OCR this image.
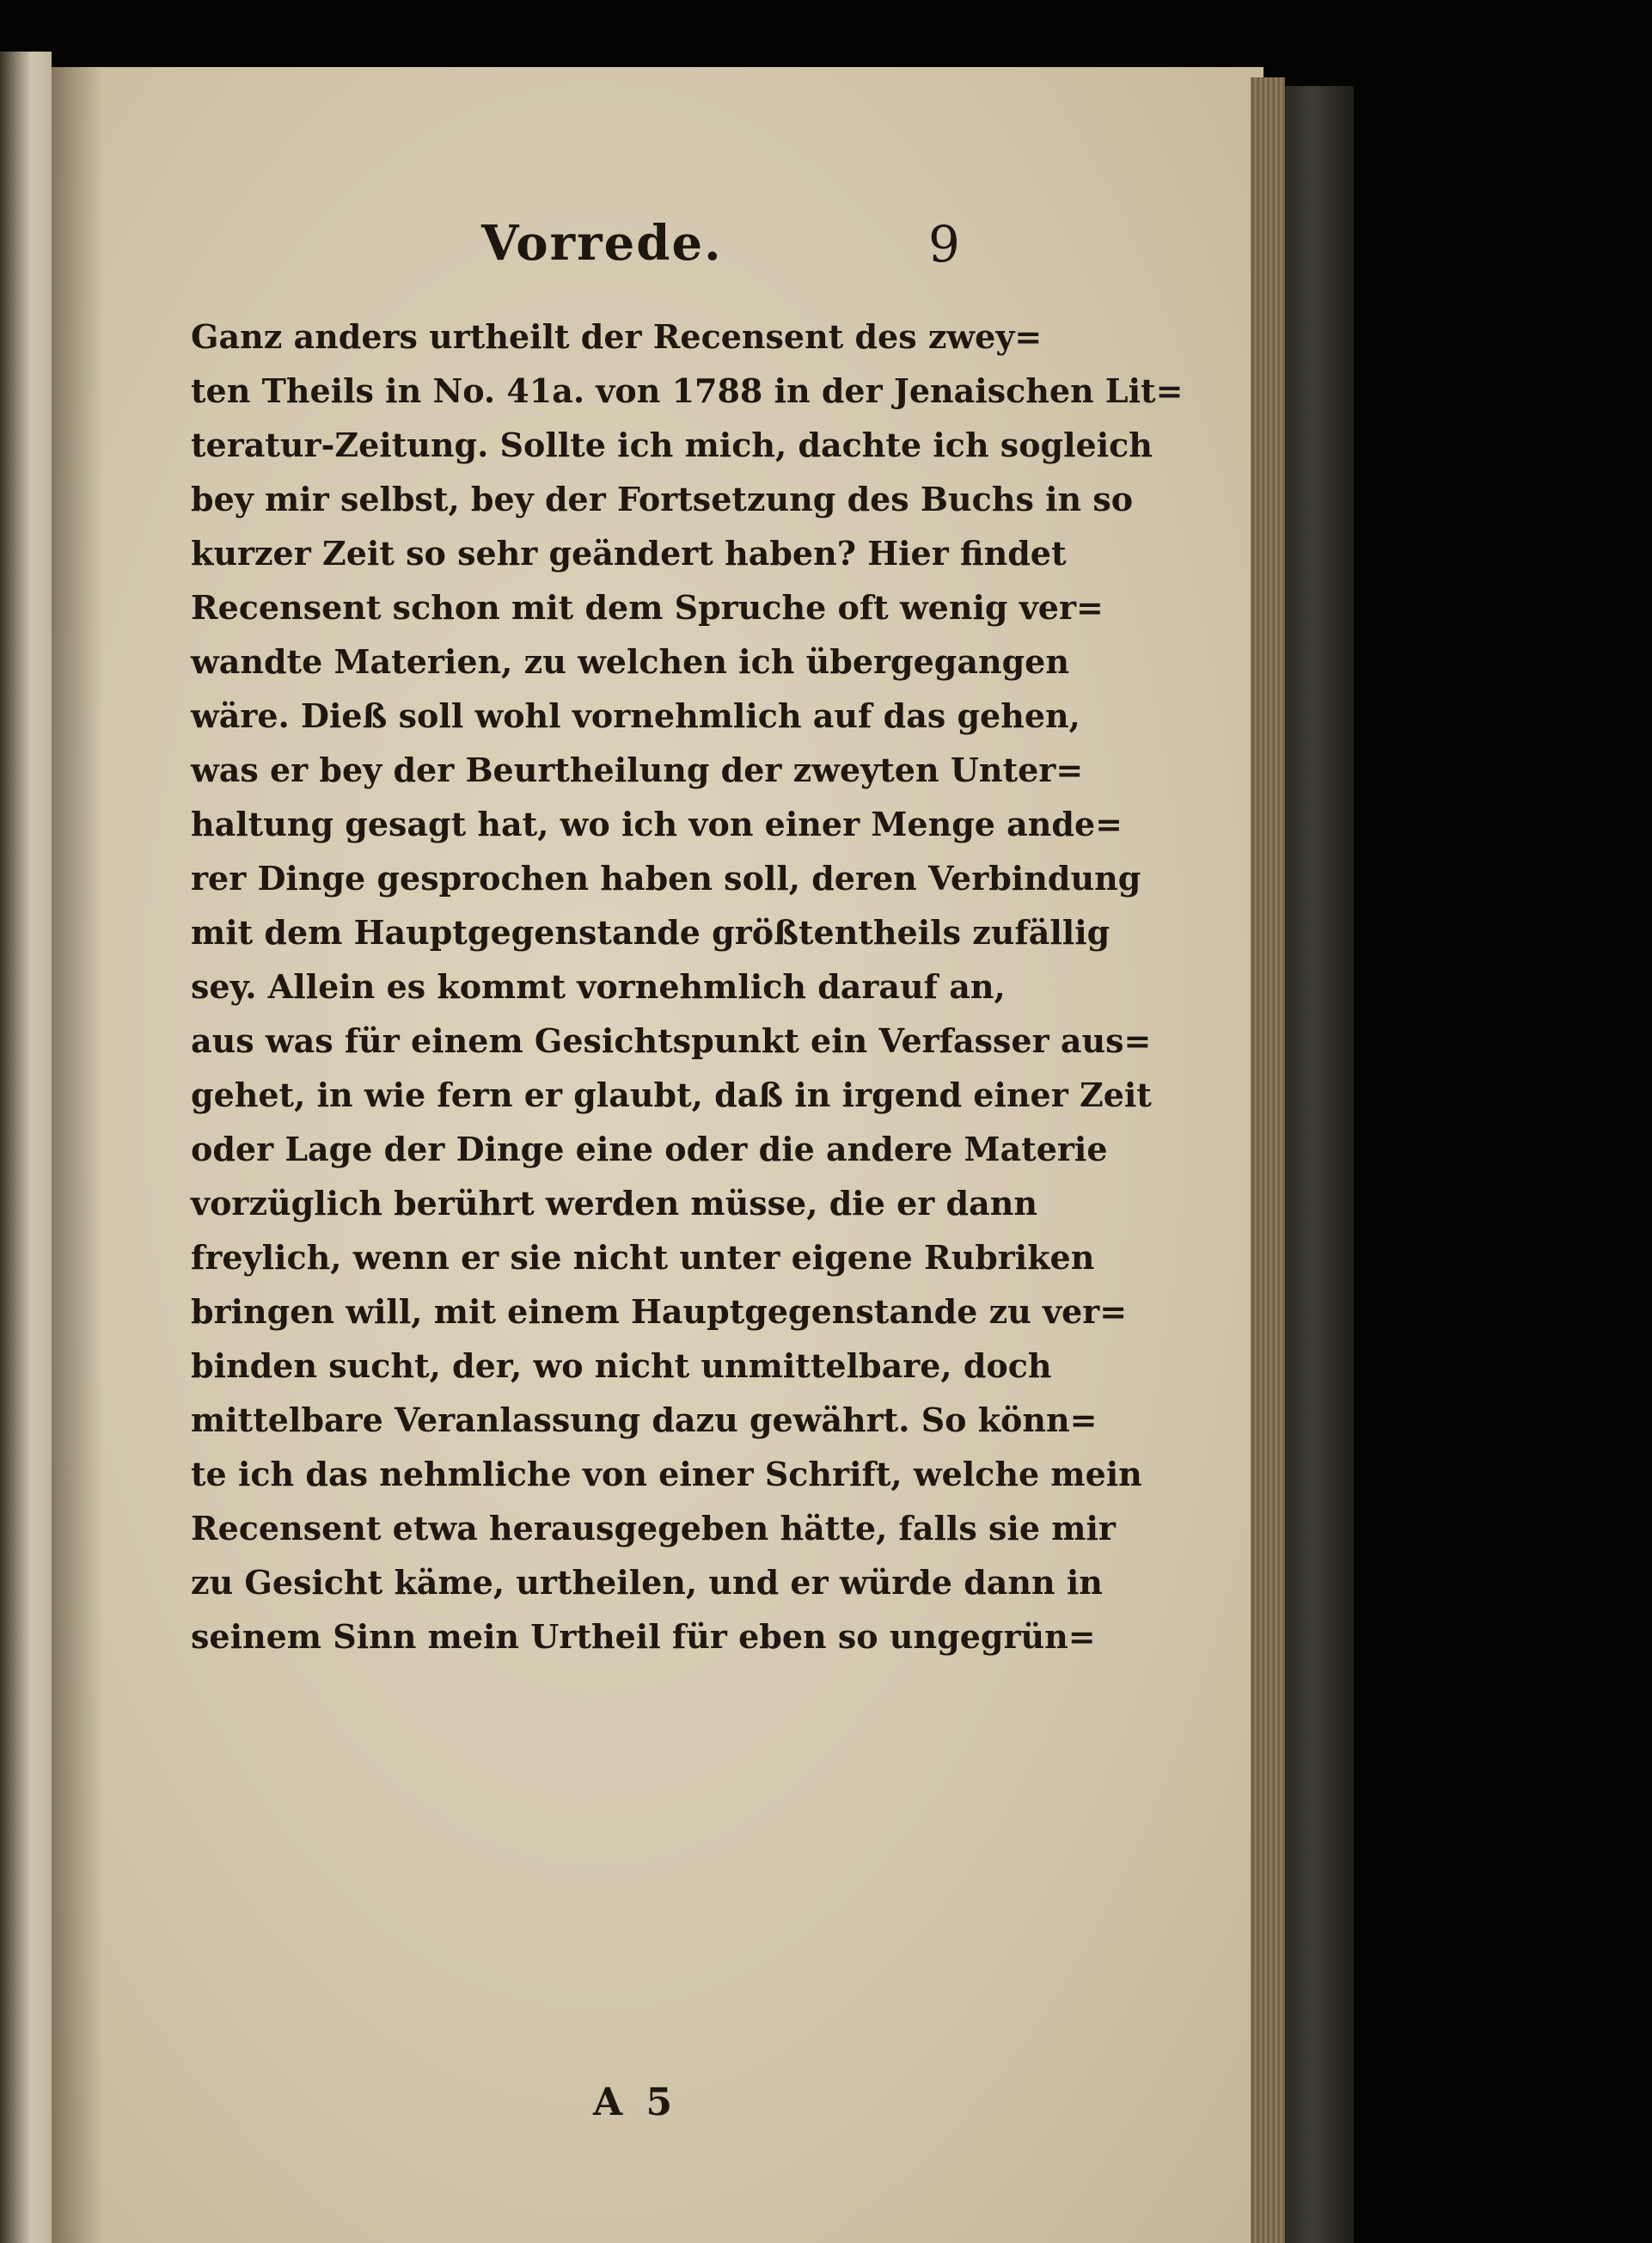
Vorrede.	9
Ganz anders urtheilt der Recensent des zwey=
ten Theils in No. 41a. von 1788 in der Jenaischen Lit=
teratur-Zeitung. Sollte ich mich, dachte ich sogleich
bey mir selbst, bey der Fortsetzung des Buchs in so
kurzer Zeit so sehr geändert haben? Hier findet
Recensent schon mit dem Spruche oft wenig ver=
wandte Materien, zu welchen ich übergegangen
wäre. Dieß soll wohl vornehmlich auf das gehen,
was er bey der Beurtheilung der zweyten Unter=
haltung gesagt hat, wo ich von einer Menge ande=
rer Dinge gesprochen haben soll, deren Verbindung
mit dem Hauptgegenstande größtentheils zufällig
sey. Allein es kommt vornehmlich darauf an,
aus was für einem Gesichtspunkt ein Verfasser aus=
gehet, in wie fern er glaubt, daß in irgend einer Zeit
oder Lage der Dinge eine oder die andere Materie
vorzüglich berührt werden müsse, die er dann
freylich, wenn er sie nicht unter eigene Rubriken
bringen will, mit einem Hauptgegenstande zu ver=
binden sucht, der, wo nicht unmittelbare, doch
mittelbare Veranlassung dazu gewährt. So könn=
te ich das nehmliche von einer Schrift, welche mein
Recensent etwa herausgegeben hätte, falls sie mir
zu Gesicht käme, urtheilen, und er würde dann in
seinem Sinn mein Urtheil für eben so ungegrün=
A 5
